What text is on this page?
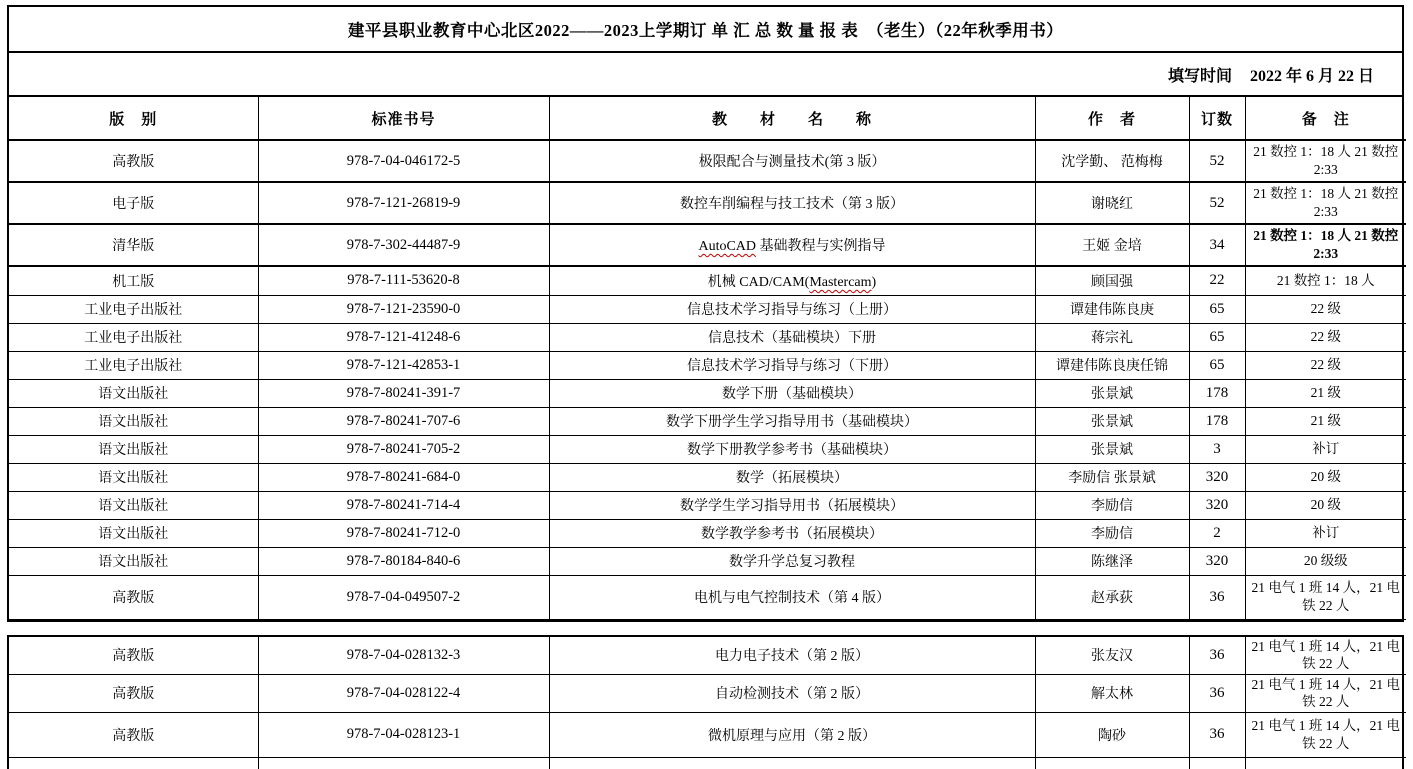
建平县职业教育中心北区2022——2023上学期订 单 汇 总 数 量 报 表　（老生）（22年秋季用书）
填写时间 2022 年 6 月 22 日
版　别	标准书号	教　　材　　名　　称	作　者	订数	备　注
高教版	978-7-04-046172-5	极限配合与测量技术(第 3 版）	沈学勤、 范梅梅	52	21 数控 1：18 人 21 数控 2:33
电子版	978-7-121-26819-9	数控车削编程与技工技术（第 3 版）	谢晓红	52	21 数控 1：18 人 21 数控 2:33
清华版	978-7-302-44487-9	AutoCAD 基础教程与实例指导	王姬 金培	34	21 数控 1：18 人 21 数控 2:33
机工版	978-7-111-53620-8	机械 CAD/CAM(Mastercam)	顾国强	22	21 数控 1：18 人
工业电子出版社	978-7-121-23590-0	信息技术学习指导与练习（上册）	谭建伟陈良庚	65	22 级
工业电子出版社	978-7-121-41248-6	信息技术（基础模块）下册	蒋宗礼	65	22 级
工业电子出版社	978-7-121-42853-1	信息技术学习指导与练习（下册）	谭建伟陈良庚任锦	65	22 级
语文出版社	978-7-80241-391-7	数学下册（基础模块）	张景斌	178	21 级
语文出版社	978-7-80241-707-6	数学下册学生学习指导用书（基础模块）	张景斌	178	21 级
语文出版社	978-7-80241-705-2	数学下册教学参考书（基础模块）	张景斌	3	补订
语文出版社	978-7-80241-684-0	数学（拓展模块）	李励信 张景斌	320	20 级
语文出版社	978-7-80241-714-4	数学学生学习指导用书（拓展模块）	李励信	320	20 级
语文出版社	978-7-80241-712-0	数学教学参考书（拓展模块）	李励信	2	补订
语文出版社	978-7-80184-840-6	数学升学总复习教程	陈继泽	320	20 级级
高教版	978-7-04-049507-2	电机与电气控制技术（第 4 版）	赵承荻	36	21 电气 1 班 14 人，21 电铁 22 人
高教版	978-7-04-028132-3	电力电子技术（第 2 版）	张友汉	36	21 电气 1 班 14 人，21 电铁 22 人
高教版	978-7-04-028122-4	自动检测技术（第 2 版）	解太林	36	21 电气 1 班 14 人，21 电铁 22 人
高教版	978-7-04-028123-1	微机原理与应用（第 2 版）	陶砂	36	21 电气 1 班 14 人，21 电铁 22 人
